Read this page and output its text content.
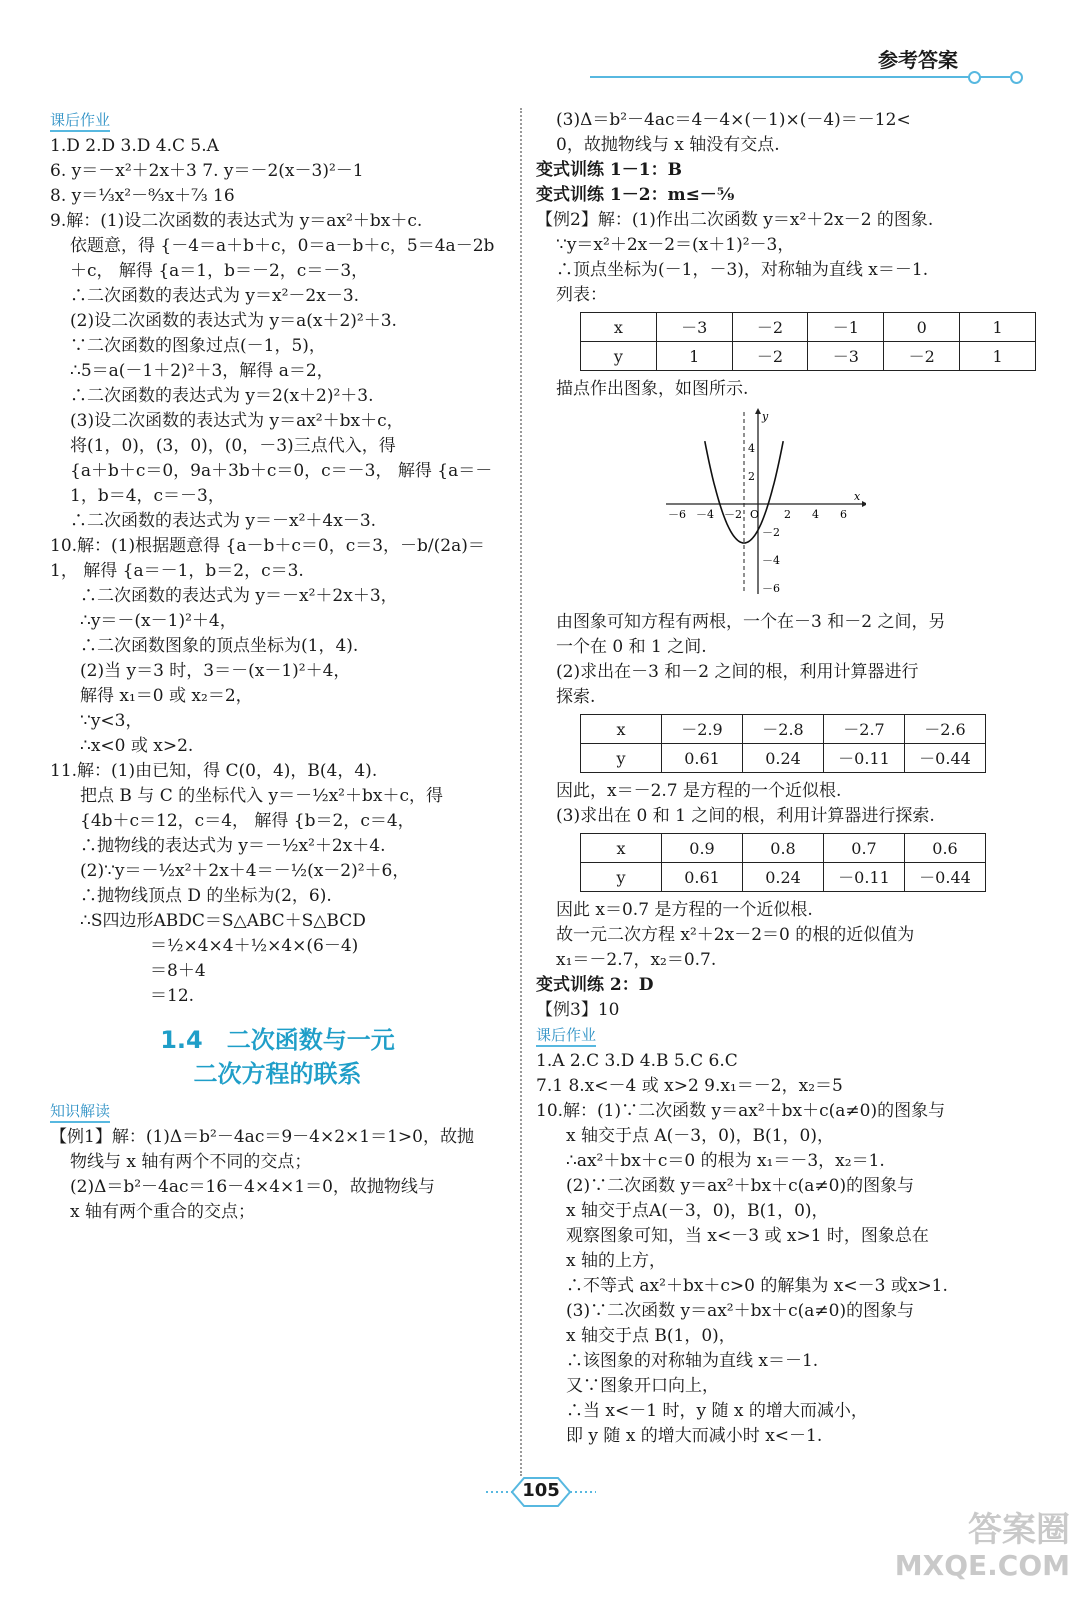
参考答案
课后作业
1.D 2.D 3.D 4.C 5.A
6. y＝－x²＋2x＋3 7. y＝－2(x－3)²－1
8. y＝⅓x²－⁸⁄₃x＋⁷⁄₃ 16
9.解：(1)设二次函数的表达式为 y＝ax²＋bx＋c.
依题意，得 {－4＝a＋b＋c，0＝a－b＋c，5＝4a－2b＋c， 解得 {a＝1，b＝－2，c＝－3，
∴二次函数的表达式为 y＝x²－2x－3.
(2)设二次函数的表达式为 y＝a(x＋2)²＋3.
∵二次函数的图象过点(－1，5)，
∴5＝a(－1＋2)²＋3，解得 a＝2，
∴二次函数的表达式为 y＝2(x＋2)²＋3.
(3)设二次函数的表达式为 y＝ax²＋bx＋c，
将(1，0)，(3，0)，(0，－3)三点代入，得
{a＋b＋c＝0，9a＋3b＋c＝0，c＝－3， 解得 {a＝－1，b＝4，c＝－3，
∴二次函数的表达式为 y＝－x²＋4x－3.
10.解：(1)根据题意得 {a－b＋c＝0，c＝3，－b/(2a)＝1， 解得 {a＝－1，b＝2，c＝3.
∴二次函数的表达式为 y＝－x²＋2x＋3，
∴y＝－(x－1)²＋4，
∴二次函数图象的顶点坐标为(1，4).
(2)当 y＝3 时，3＝－(x－1)²＋4，
解得 x₁＝0 或 x₂＝2，
∵y<3，
∴x<0 或 x>2.
11.解：(1)由已知，得 C(0，4)，B(4，4).
把点 B 与 C 的坐标代入 y＝－½x²＋bx＋c，得
{4b＋c＝12，c＝4， 解得 {b＝2，c＝4，
∴抛物线的表达式为 y＝－½x²＋2x＋4.
(2)∵y＝－½x²＋2x＋4＝－½(x－2)²＋6，
∴抛物线顶点 D 的坐标为(2，6).
∴S四边形ABDC＝S△ABC＋S△BCD
＝½×4×4＋½×4×(6－4)
＝8＋4
＝12.
1.4　二次函数与一元
二次方程的联系
知识解读
【例1】解：(1)Δ＝b²－4ac＝9－4×2×1＝1>0，故抛
物线与 x 轴有两个不同的交点；
(2)Δ＝b²－4ac＝16－4×4×1＝0，故抛物线与
x 轴有两个重合的交点；
(3)Δ＝b²－4ac＝4－4×(－1)×(－4)＝－12<
0，故抛物线与 x 轴没有交点.
变式训练 1－1：B
变式训练 1－2：m≤－⁵⁄₉
【例2】解：(1)作出二次函数 y＝x²＋2x－2 的图象.
∵y＝x²＋2x－2＝(x＋1)²－3，
∴顶点坐标为(－1，－3)，对称轴为直线 x＝－1.
列表：
x	－3	－2	－1	0	1
y	1	－2	－3	－2	1
描点作出图象，如图所示.
x
y
－6 －4 －2 O 2 4 6
4
2
－2
－4
－6
由图象可知方程有两根，一个在－3 和－2 之间，另
一个在 0 和 1 之间.
(2)求出在－3 和－2 之间的根，利用计算器进行
探索.
x	－2.9	－2.8	－2.7	－2.6
y	0.61	0.24	－0.11	－0.44
因此，x＝－2.7 是方程的一个近似根.
(3)求出在 0 和 1 之间的根，利用计算器进行探索.
x	0.9	0.8	0.7	0.6
y	0.61	0.24	－0.11	－0.44
因此 x＝0.7 是方程的一个近似根.
故一元二次方程 x²＋2x－2＝0 的根的近似值为
x₁＝－2.7，x₂＝0.7.
变式训练 2：D
【例3】10
课后作业
1.A 2.C 3.D 4.B 5.C 6.C
7.1 8.x<－4 或 x>2 9.x₁＝－2，x₂＝5
10.解：(1)∵二次函数 y＝ax²＋bx＋c(a≠0)的图象与
x 轴交于点 A(－3，0)，B(1，0)，
∴ax²＋bx＋c＝0 的根为 x₁＝－3，x₂＝1.
(2)∵二次函数 y＝ax²＋bx＋c(a≠0)的图象与
x 轴交于点A(－3，0)，B(1，0)，
观察图象可知，当 x<－3 或 x>1 时，图象总在
x 轴的上方，
∴不等式 ax²＋bx＋c>0 的解集为 x<－3 或x>1.
(3)∵二次函数 y＝ax²＋bx＋c(a≠0)的图象与
x 轴交于点 B(1，0)，
∴该图象的对称轴为直线 x＝－1.
又∵图象开口向上，
∴当 x<－1 时，y 随 x 的增大而减小，
即 y 随 x 的增大而减小时 x<－1.
105
答案圈
MXQE.COM
